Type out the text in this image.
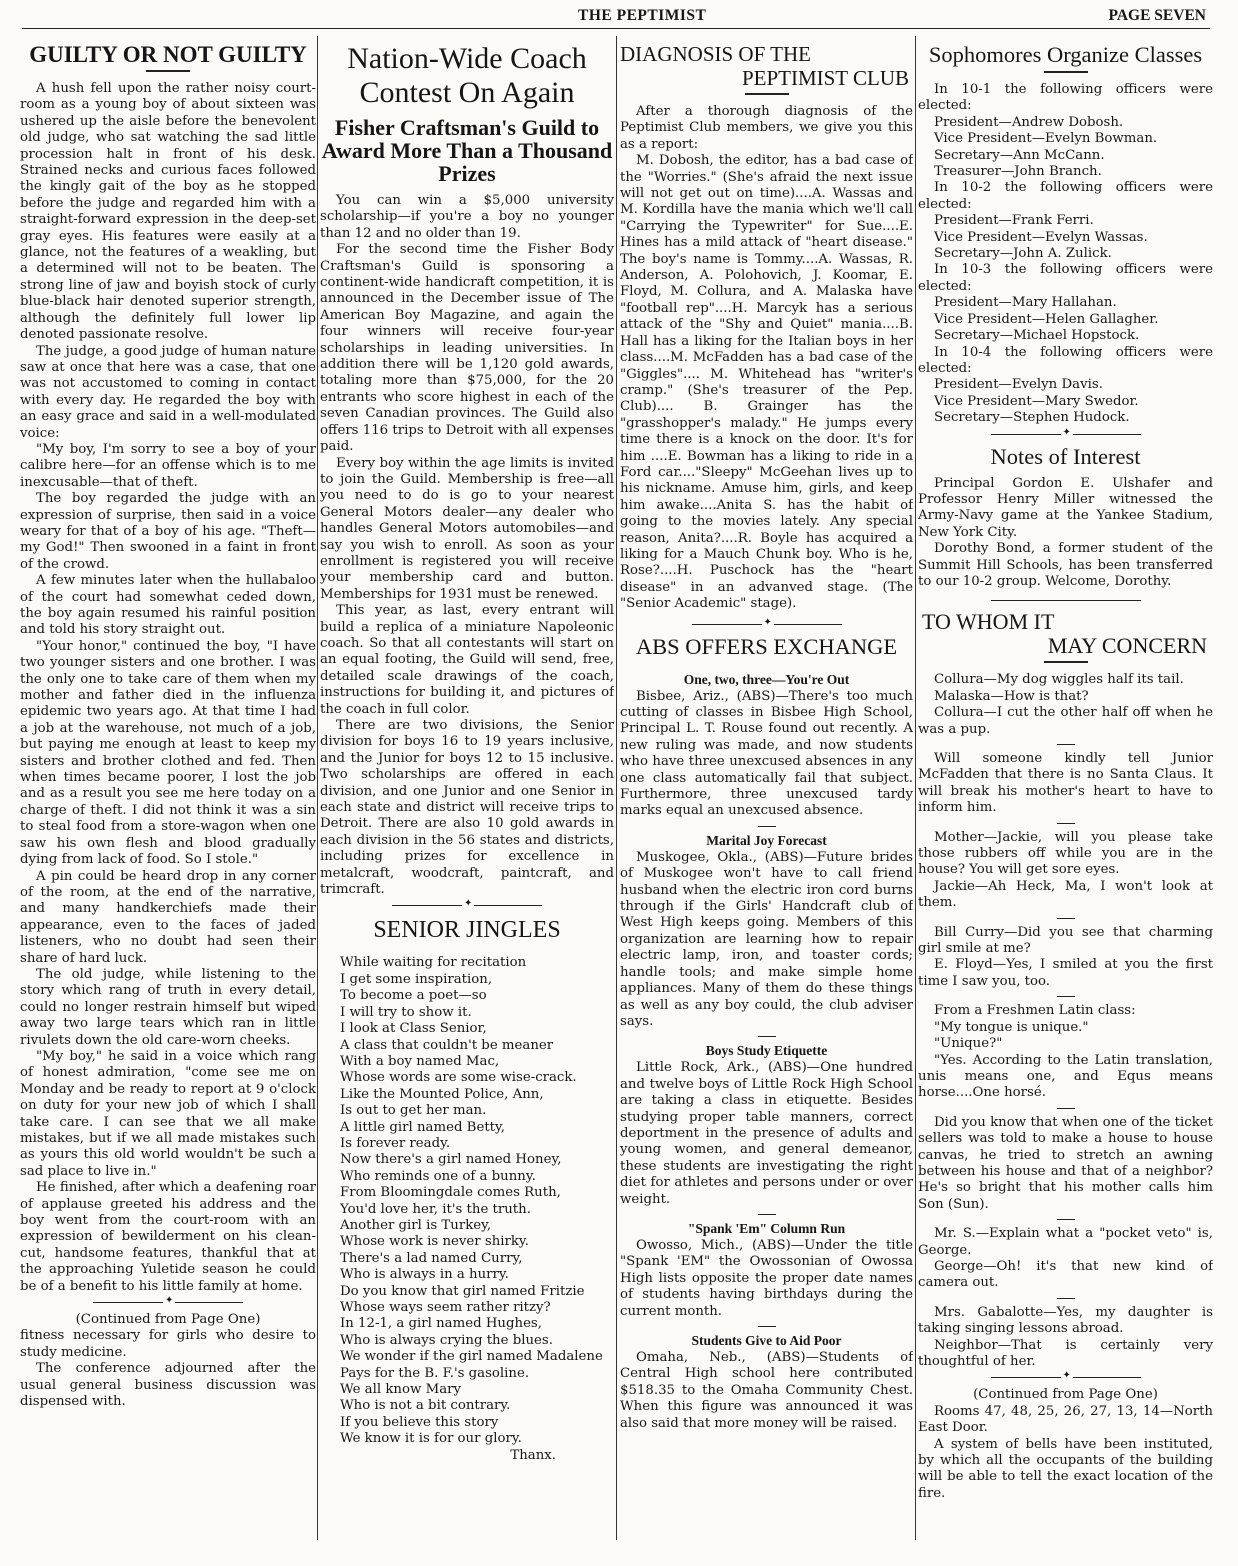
THE PEPTIMIST	PAGE SEVEN
GUILTY OR NOT GUILTY

A hush fell upon the rather noisy court-room as a young boy of about sixteen was ushered up the aisle before the benevolent old judge, who sat watching the sad little procession halt in front of his desk. Strained necks and curious faces followed the kingly gait of the boy as he stopped before the judge and regarded him with a straight-forward expression in the deep-set gray eyes. His features were easily at a glance, not the features of a weakling, but a determined will not to be beaten. The strong line of jaw and boyish stock of curly blue-black hair denoted superior strength, although the definitely full lower lip denoted passionate resolve.

The judge, a good judge of human nature saw at once that here was a case, that one was not accustomed to coming in contact with every day. He regarded the boy with an easy grace and said in a well-modulated voice:

"My boy, I'm sorry to see a boy of your calibre here—for an offense which is to me inexcusable—that of theft.

The boy regarded the judge with an expression of surprise, then said in a voice weary for that of a boy of his age. "Theft— my God!" Then swooned in a faint in front of the crowd.

A few minutes later when the hullabaloo of the court had somewhat ceded down, the boy again resumed his rainful position and told his story straight out.

"Your honor," continued the boy, "I have two younger sisters and one brother. I was the only one to take care of them when my mother and father died in the influenza epidemic two years ago. At that time I had a job at the warehouse, not much of a job, but paying me enough at least to keep my sisters and brother clothed and fed. Then when times became poorer, I lost the job and as a result you see me here today on a charge of theft. I did not think it was a sin to steal food from a store-wagon when one saw his own flesh and blood gradually dying from lack of food. So I stole."

A pin could be heard drop in any corner of the room, at the end of the narrative, and many handkerchiefs made their appearance, even to the faces of jaded listeners, who no doubt had seen their share of hard luck.

The old judge, while listening to the story which rang of truth in every detail, could no longer restrain himself but wiped away two large tears which ran in little rivulets down the old care-worn cheeks.

"My boy," he said in a voice which rang of honest admiration, "come see me on Monday and be ready to report at 9 o'clock on duty for your new job of which I shall take care. I can see that we all make mistakes, but if we all made mistakes such as yours this old world wouldn't be such a sad place to live in."

He finished, after which a deafening roar of applause greeted his address and the boy went from the court-room with an expression of bewilderment on his clean-cut, handsome features, thankful that at the approaching Yuletide season he could be of a benefit to his little family at home.

✦

(Continued from Page One)

fitness necessary for girls who desire to study medicine.

The conference adjourned after the usual general business discussion was dispensed with.

Nation-Wide Coach
Contest On Again
Fisher Craftsman's Guild to Award More Than a Thousand Prizes

You can win a $5,000 university scholarship—if you're a boy no younger than 12 and no older than 19.

For the second time the Fisher Body Craftsman's Guild is sponsoring a continent-wide handicraft competition, it is announced in the December issue of The American Boy Magazine, and again the four winners will receive four-year scholarships in leading universities. In addition there will be 1,120 gold awards, totaling more than $75,000, for the 20 entrants who score highest in each of the seven Canadian provinces. The Guild also offers 116 trips to Detroit with all expenses paid.

Every boy within the age limits is invited to join the Guild. Membership is free—all you need to do is go to your nearest General Motors dealer—any dealer who handles General Motors automobiles—and say you wish to enroll. As soon as your enrollment is registered you will receive your membership card and button. Memberships for 1931 must be renewed.

This year, as last, every entrant will build a replica of a miniature Napoleonic coach. So that all contestants will start on an equal footing, the Guild will send, free, detailed scale drawings of the coach, instructions for building it, and pictures of the coach in full color.

There are two divisions, the Senior division for boys 16 to 19 years inclusive, and the Junior for boys 12 to 15 inclusive. Two scholarships are offered in each division, and one Junior and one Senior in each state and district will receive trips to Detroit. There are also 10 gold awards in each division in the 56 states and districts, including prizes for excellence in metalcraft, woodcraft, paintcraft, and trimcraft.

✦
SENIOR JINGLES
While waiting for recitation
I get some inspiration,
To become a poet—so
I will try to show it.
I look at Class Senior,
A class that couldn't be meaner
With a boy named Mac,
Whose words are some wise-crack.
Like the Mounted Police, Ann,
Is out to get her man.
A little girl named Betty,
Is forever ready.
Now there's a girl named Honey,
Who reminds one of a bunny.
From Bloomingdale comes Ruth,
You'd love her, it's the truth.
Another girl is Turkey,
Whose work is never shirky.
There's a lad named Curry,
Who is always in a hurry.
Do you know that girl named Fritzie
Whose ways seem rather ritzy?
In 12-1, a girl named Hughes,
Who is always crying the blues.
We wonder if the girl named Madalene
Pays for the B. F.'s gasoline.
We all know Mary
Who is not a bit contrary.
If you believe this story
We know it is for our glory.
Thanx.
DIAGNOSIS OF THE
PEPTIMIST CLUB

After a thorough diagnosis of the Peptimist Club members, we give you this as a report:

M. Dobosh, the editor, has a bad case of the "Worries." (She's afraid the next issue will not get out on time)....A. Wassas and M. Kordilla have the mania which we'll call "Carrying the Typewriter" for Sue....E. Hines has a mild attack of "heart disease." The boy's name is Tommy....A. Wassas, R. Anderson, A. Polohovich, J. Koomar, E. Floyd, M. Collura, and A. Malaska have "football rep"....H. Marcyk has a serious attack of the "Shy and Quiet" mania....B. Hall has a liking for the Italian boys in her class....M. McFadden has a bad case of the "Giggles".... M. Whitehead has "writer's cramp." (She's treasurer of the Pep. Club).... B. Grainger has the "grasshopper's malady." He jumps every time there is a knock on the door. It's for him ....E. Bowman has a liking to ride in a Ford car...."Sleepy" McGeehan lives up to his nickname. Amuse him, girls, and keep him awake....Anita S. has the habit of going to the movies lately. Any special reason, Anita?....R. Boyle has acquired a liking for a Mauch Chunk boy. Who is he, Rose?....H. Puschock has the "heart disease" in an advanved stage. (The "Senior Academic" stage).

✦
ABS OFFERS EXCHANGE
One, two, three—You're Out

Bisbee, Ariz., (ABS)—There's too much cutting of classes in Bisbee High School, Principal L. T. Rouse found out recently. A new ruling was made, and now students who have three unexcused absences in any one class automatically fail that subject. Furthermore, three unexcused tardy marks equal an unexcused absence.

Marital Joy Forecast

Muskogee, Okla., (ABS)—Future brides of Muskogee won't have to call friend husband when the electric iron cord burns through if the Girls' Handcraft club of West High keeps going. Members of this organization are learning how to repair electric lamp, iron, and toaster cords; handle tools; and make simple home appliances. Many of them do these things as well as any boy could, the club adviser says.

Boys Study Etiquette

Little Rock, Ark., (ABS)—One hundred and twelve boys of Little Rock High School are taking a class in etiquette. Besides studying proper table manners, correct deportment in the presence of adults and young women, and general demeanor, these students are investigating the right diet for athletes and persons under or over weight.

"Spank 'Em" Column Run

Owosso, Mich., (ABS)—Under the title "Spank 'EM" the Owossonian of Owossa High lists opposite the proper date names of students having birthdays during the current month.

Students Give to Aid Poor

Omaha, Neb., (ABS)—Students of Central High school here contributed $518.35 to the Omaha Community Chest. When this figure was announced it was also said that more money will be raised.

Sophomores Organize Classes

In 10-1 the following officers were elected:

President—Andrew Dobosh.
Vice President—Evelyn Bowman.
Secretary—Ann McCann.
Treasurer—John Branch.

In 10-2 the following officers were elected:

President—Frank Ferri.
Vice President—Evelyn Wassas.
Secretary—John A. Zulick.

In 10-3 the following officers were elected:

President—Mary Hallahan.
Vice President—Helen Gallagher.
Secretary—Michael Hopstock.

In 10-4 the following officers were elected:

President—Evelyn Davis.
Vice President—Mary Swedor.
Secretary—Stephen Hudock.
✦
Notes of Interest

Principal Gordon E. Ulshafer and Professor Henry Miller witnessed the Army-Navy game at the Yankee Stadium, New York City.

Dorothy Bond, a former student of the Summit Hill Schools, has been transferred to our 10-2 group. Welcome, Dorothy.

TO WHOM IT
MAY CONCERN

Collura—My dog wiggles half its tail.

Malaska—How is that?

Collura—I cut the other half off when he was a pup.

Will someone kindly tell Junior McFadden that there is no Santa Claus. It will break his mother's heart to have to inform him.

Mother—Jackie, will you please take those rubbers off while you are in the house? You will get sore eyes.

Jackie—Ah Heck, Ma, I won't look at them.

Bill Curry—Did you see that charming girl smile at me?

E. Floyd—Yes, I smiled at you the first time I saw you, too.

From a Freshmen Latin class:

"My tongue is unique."

"Unique?"

"Yes. According to the Latin translation, unis means one, and Equs means horse....One horsé.

Did you know that when one of the ticket sellers was told to make a house to house canvas, he tried to stretch an awning between his house and that of a neighbor? He's so bright that his mother calls him Son (Sun).

Mr. S.—Explain what a "pocket veto" is, George.

George—Oh! it's that new kind of camera out.

Mrs. Gabalotte—Yes, my daughter is taking singing lessons abroad.

Neighbor—That is certainly very thoughtful of her.

✦

(Continued from Page One)

Rooms 47, 48, 25, 26, 27, 13, 14—North East Door.

A system of bells have been instituted, by which all the occupants of the building will be able to tell the exact location of the fire.
